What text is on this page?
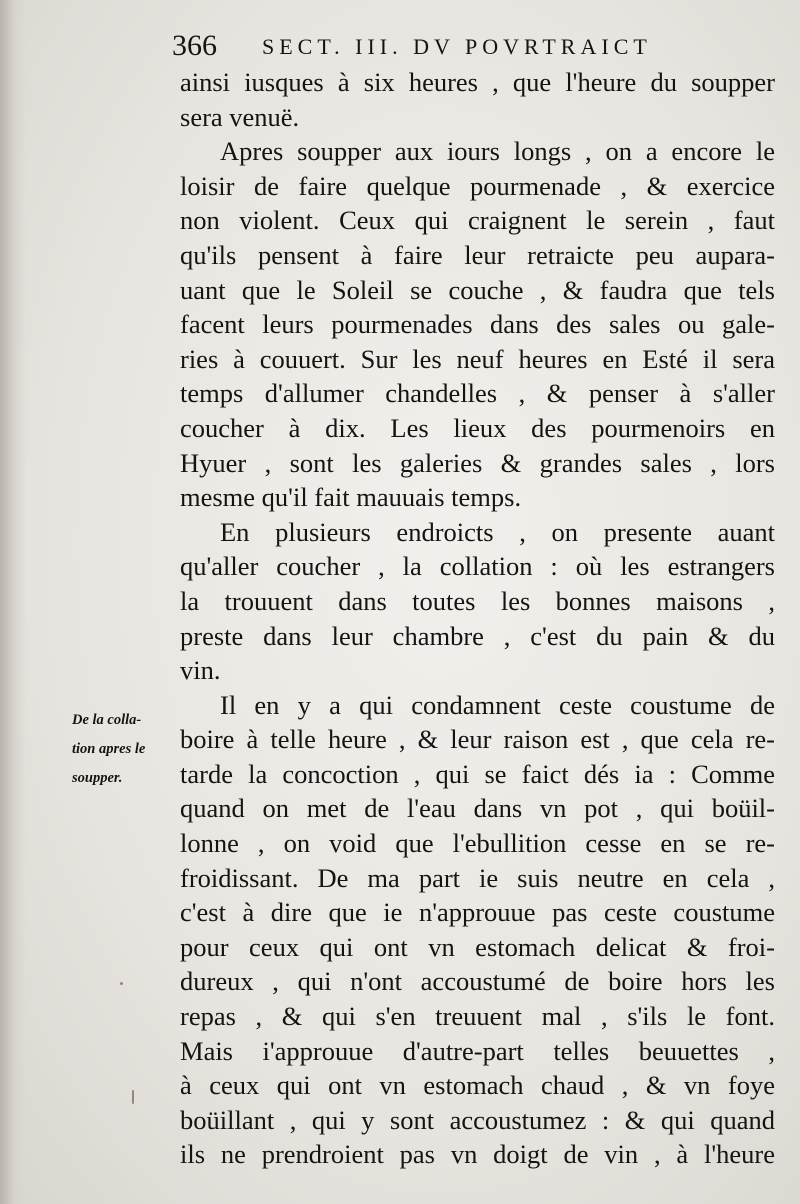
366 SECT. III. DV POVRTRAICT
ainsi iusques à six heures , que l'heure du soupper
sera venuë.
Apres soupper aux iours longs , on a encore le
loisir de faire quelque pourmenade , & exercice
non violent. Ceux qui craignent le serein , faut
qu'ils pensent à faire leur retraicte peu aupara-
uant que le Soleil se couche , & faudra que tels
facent leurs pourmenades dans des sales ou gale-
ries à couuert. Sur les neuf heures en Esté il sera
temps d'allumer chandelles , & penser à s'aller
coucher à dix. Les lieux des pourmenoirs en
Hyuer , sont les galeries & grandes sales , lors
mesme qu'il fait mauuais temps.
En plusieurs endroicts , on presente auant
qu'aller coucher , la collation : où les estrangers
la trouuent dans toutes les bonnes maisons ,
preste dans leur chambre , c'est du pain & du
vin.
Il en y a qui condamnent ceste coustume de
boire à telle heure , & leur raison est , que cela re-
tarde la concoction , qui se faict dés ia : Comme
quand on met de l'eau dans vn pot , qui boüil-
lonne , on void que l'ebullition cesse en se re-
froidissant. De ma part ie suis neutre en cela ,
c'est à dire que ie n'approuue pas ceste coustume
pour ceux qui ont vn estomach delicat & froi-
dureux , qui n'ont accoustumé de boire hors les
repas , & qui s'en treuuent mal , s'ils le font.
Mais i'approuue d'autre-part telles beuuettes ,
à ceux qui ont vn estomach chaud , & vn foye
boüillant , qui y sont accoustumez : & qui quand
ils ne prendroient pas vn doigt de vin , à l'heure
De la colla-
tion apres le
soupper.
